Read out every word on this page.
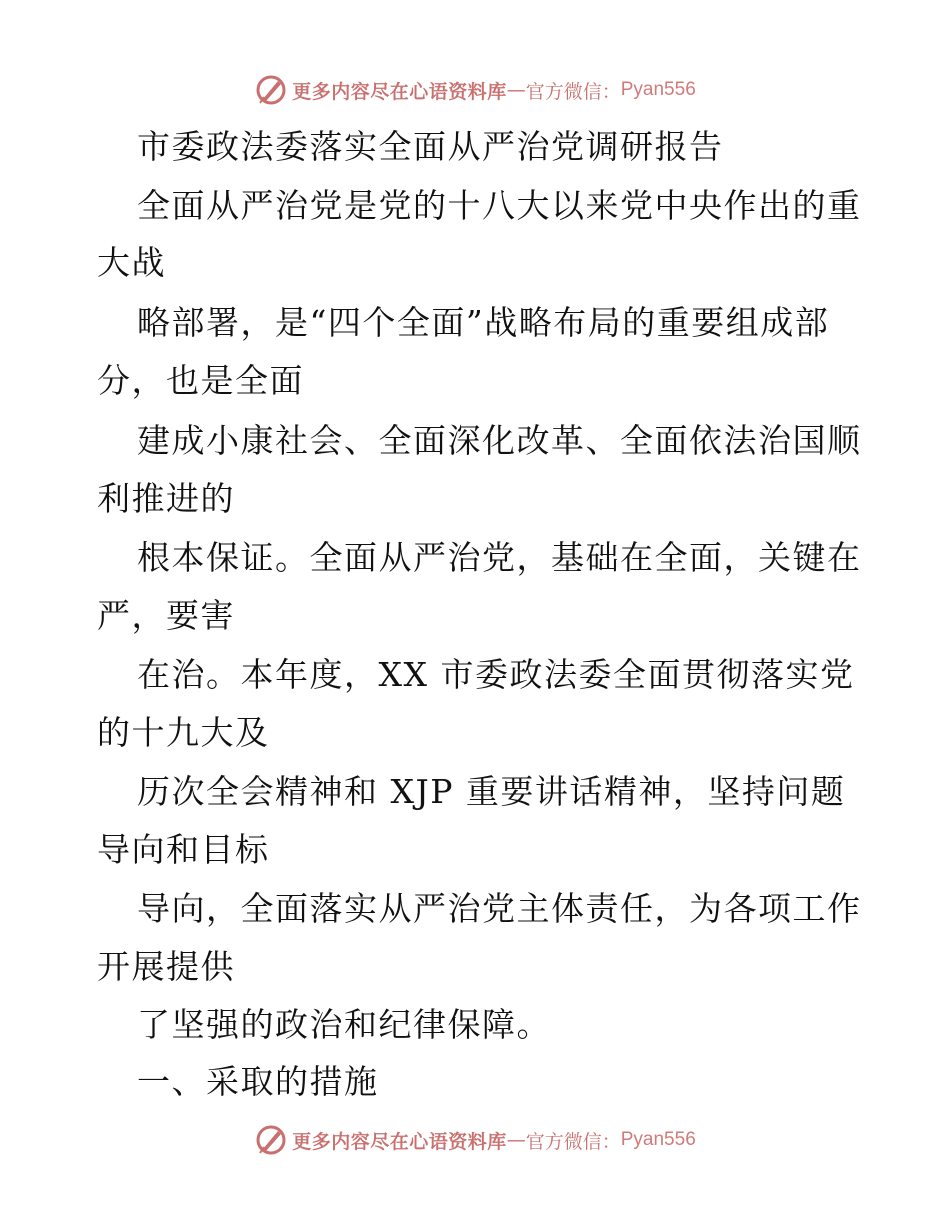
更多内容尽在心语资料库 — 官方微信： Pyan556
市委政法委落实全面从严治党调研报告
全面从严治党是党的十八大以来党中央作出的重
大战
略部署，是“四个全面”战略布局的重要组成部
分，也是全面
建成小康社会、全面深化改革、全面依法治国顺
利推进的
根本保证。全面从严治党，基础在全面，关键在
严，要害
在治。本年度，XX 市委政法委全面贯彻落实党
的十九大及
历次全会精神和 XJP 重要讲话精神，坚持问题
导向和目标
导向，全面落实从严治党主体责任，为各项工作
开展提供
了坚强的政治和纪律保障。
一、采取的措施
更多内容尽在心语资料库 — 官方微信： Pyan556
